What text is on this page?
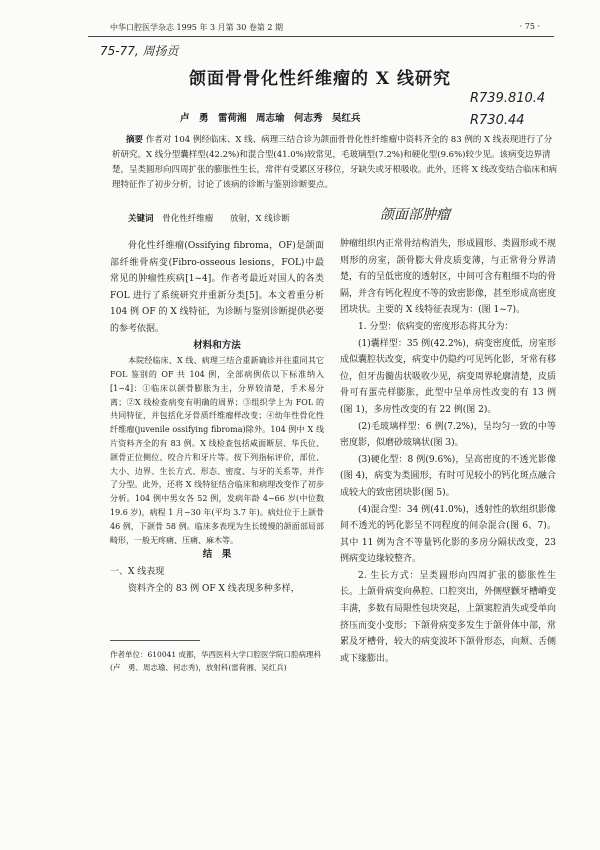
中华口腔医学杂志 1995 年 3 月第 30 卷第 2 期	· 75 ·
75-77, 周扬贡
R739.810.4
R730.44
颌面部肿瘤
颌面骨骨化性纤维瘤的 X 线研究
卢　勇　雷荷湘　周志瑜　何志秀　吴红兵
摘要 作者对 104 例经临床、X 线、病理三结合诊为颌面骨骨化性纤维瘤中资料齐全的 83 例的 X 线表现进行了分析研究。X 线分型囊样型(42.2%)和混合型(41.0%)较常见，毛玻璃型(7.2%)和硬化型(9.6%)较少见。该病变边界清楚，呈类圆形向四周扩张的膨胀性生长，常伴有受累区牙移位，牙缺失或牙根吸收。此外，还将 X 线改变结合临床和病理特征作了初步分析，讨论了该病的诊断与鉴别诊断要点。
关键词 骨化性纤维瘤 放射，X 线诊断

骨化性纤维瘤(Ossifying fibroma，OF)是颌面部纤维骨病变(Fibro-osseous lesions，FOL)中最常见的肿瘤性疾病[1~4]。作者考最近对国人的各类 FOL 进行了系统研究并重新分类[5]。本文着重分析 104 例 OF 的 X 线特征，为诊断与鉴别诊断提供必要的参考依据。

材料和方法

本院经临床、X 线、病理三结合重新确诊并往重同其它 FOL 鉴别的 OF 共 104 例，全部病例依以下标准纳入[1~4]：①临床以颌骨膨胀为主，分界较清楚，手术易分离；②X 线检查病变有明确的周界；③组织学上为 FOL 的共同特征，并包括化牙骨质纤维瘤样改变；④幼年性骨化性纤维瘤(juvenile ossifying fibroma)除外。104 例中 X 线片资料齐全的有 83 例。X 线检查包括咸面断层、华氏位、颌骨正位侧位、咬合片和牙片等。按下列指标评价，部位、大小、边界、生长方式、形态、密度、与牙的关系等，并作了分型。此外，还将 X 线特征结合临床和病理改变作了初步分析。104 例中男女各 52 例，发病年龄 4~66 岁(中位数 19.6 岁)，病程 1 月~30 年(平均 3.7 年)。病灶位于上颌骨 46 例，下颌骨 58 例。临床多表现为生长缓慢的颌面部局部畸形，一般无疼痛、压痛、麻木等。

结　果

一、X 线表现

资料齐全的 83 例 OF X 线表现多种多样，

作者单位：610041 成都，华西医科大学口腔医学院口腔病理科(卢　勇、周志瑜、何志秀)，放射科(雷荷湘、吴红兵)

肿瘤组织内正常骨结构消失，形成圆形、类圆形或不规则形的房室，颌骨膨大骨皮质变薄，与正常骨分界清楚，有的呈低密度的透射区，中间可含有粗细不均的骨隔，并含有钙化程度不等的致密影像，甚至形成高密度团块状。主要的 X 线特征表现为：(图 1~7)。

1. 分型：依病变的密度形态将其分为：

(1)囊样型：35 例(42.2%)，病变密度低，房室形成似囊腔状改变，病变中仍隐约可见钙化影，牙常有移位，但牙齿髓齿状吸收少见，病变周界轮廓清楚，皮质骨可有蛋壳样膨胀，此型中呈单房性改变的有 13 例(图 1)，多房性改变的有 22 例(图 2)。

(2)毛玻璃样型：6 例(7.2%)，呈均匀一致的中等密度影，似磨砂玻璃状(图 3)。

(3)硬化型：8 例(9.6%)，呈高密度的不透光影像(图 4)，病变为类圆形，有时可见较小的钙化斑点融合成较大的致密团块影(图 5)。

(4)混合型：34 例(41.0%)，透射性的软组织影像间不透光的钙化影呈不同程度的间杂混合(图 6、7)。其中 11 例为含不等量钙化影的多房分隔状改变，23 例病变边缘较整齐。

2. 生长方式：呈类圆形向四周扩张的膨胀性生长。上颌骨病变向鼻腔、口腔突出，外侧壁颧牙槽嵴变丰满，多数有局限性包块突起，上颌窦腔消失或受单向挤压而变小变形；下颌骨病变多发生于颌骨体中部，常累及牙槽骨，较大的病变波坏下颌骨形态，向颊、舌侧或下缘膨出。
